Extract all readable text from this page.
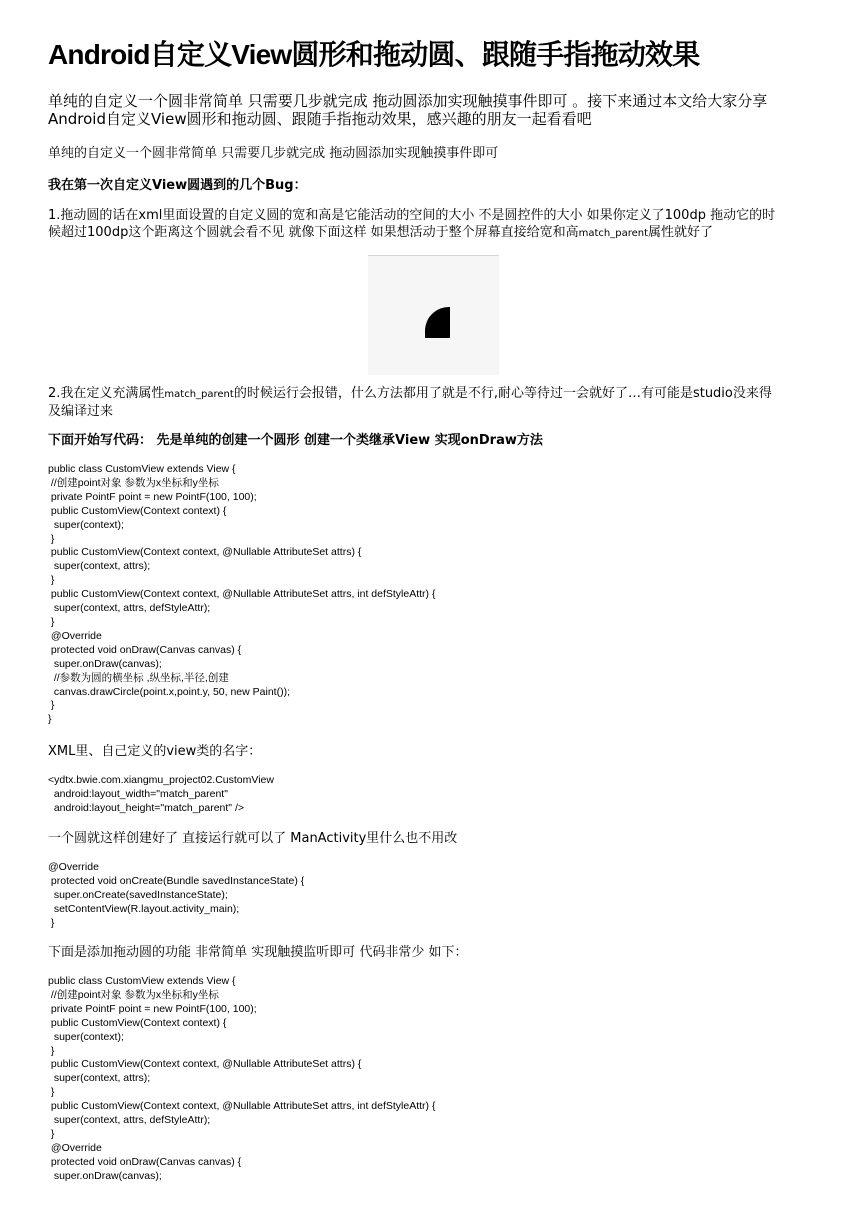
Android自定义View圆形和拖动圆、跟随手指拖动效果
单纯的自定义一个圆非常简单 只需要几步就完成 拖动圆添加实现触摸事件即可 。接下来通过本文给大家分享
Android自定义View圆形和拖动圆、跟随手指拖动效果，感兴趣的朋友一起看看吧
单纯的自定义一个圆非常简单 只需要几步就完成 拖动圆添加实现触摸事件即可
我在第一次自定义View圆遇到的几个Bug：
1.拖动圆的话在xml里面设置的自定义圆的宽和高是它能活动的空间的大小 不是圆控件的大小 如果你定义了100dp 拖动它的时
候超过100dp这个距离这个圆就会看不见 就像下面这样 如果想活动于整个屏幕直接给宽和高match_parent属性就好了
2.我在定义充满属性match_parent的时候运行会报错，什么方法都用了就是不行,耐心等待过一会就好了…有可能是studio没来得
及编译过来
下面开始写代码： 先是单纯的创建一个圆形 创建一个类继承View 实现onDraw方法
public class CustomView extends View {
//创建point对象 参数为x坐标和y坐标
private PointF point = new PointF(100, 100);
public CustomView(Context context) {
super(context);
}
public CustomView(Context context, @Nullable AttributeSet attrs) {
super(context, attrs);
}
public CustomView(Context context, @Nullable AttributeSet attrs, int defStyleAttr) {
super(context, attrs, defStyleAttr);
}
@Override
protected void onDraw(Canvas canvas) {
super.onDraw(canvas);
//参数为圆的横坐标 ,纵坐标,半径,创建
canvas.drawCircle(point.x,point.y, 50, new Paint());
}
}
XML里、自己定义的view类的名字：
<ydtx.bwie.com.xiangmu_project02.CustomView
android:layout_width="match_parent"
android:layout_height="match_parent" />
一个圆就这样创建好了 直接运行就可以了 ManActivity里什么也不用改
@Override
protected void onCreate(Bundle savedInstanceState) {
super.onCreate(savedInstanceState);
setContentView(R.layout.activity_main);
}
下面是添加拖动圆的功能 非常简单 实现触摸监听即可 代码非常少 如下：
public class CustomView extends View {
//创建point对象 参数为x坐标和y坐标
private PointF point = new PointF(100, 100);
public CustomView(Context context) {
super(context);
}
public CustomView(Context context, @Nullable AttributeSet attrs) {
super(context, attrs);
}
public CustomView(Context context, @Nullable AttributeSet attrs, int defStyleAttr) {
super(context, attrs, defStyleAttr);
}
@Override
protected void onDraw(Canvas canvas) {
super.onDraw(canvas);
